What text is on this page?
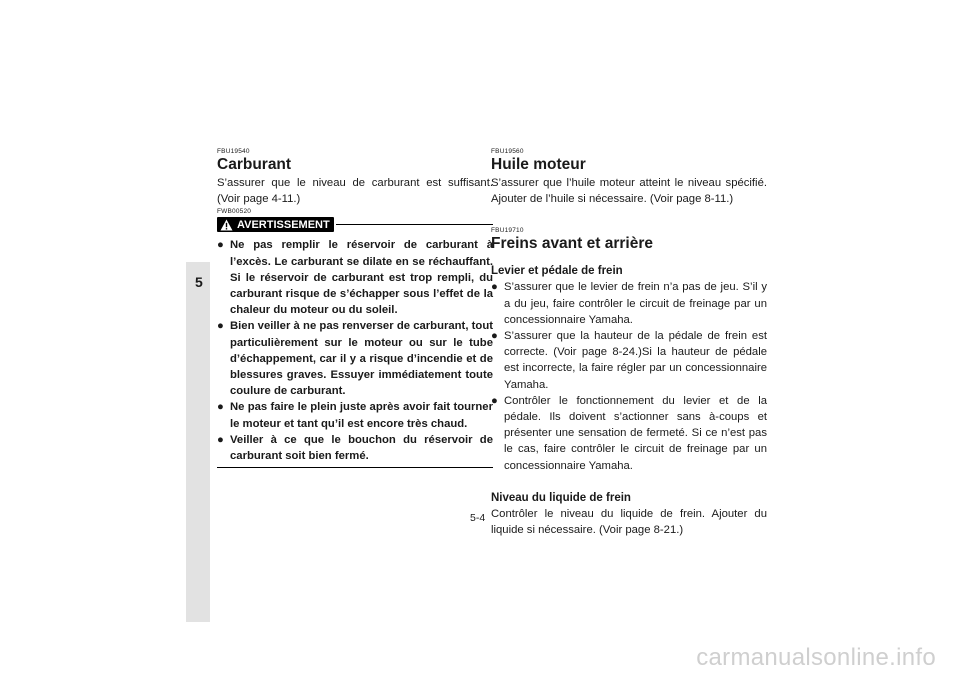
5

FBU19540

Carburant

S’assurer que le niveau de carburant est suffisant. (Voir page 4-11.)

FWB00520

AVERTISSEMENT
● Ne pas remplir le réservoir de carburant à l’excès. Le carburant se dilate en se réchauffant. Si le réservoir de carburant est trop rempli, du carburant risque de s’échapper sous l’effet de la chaleur du moteur ou du soleil.
● Bien veiller à ne pas renverser de carburant, tout particulièrement sur le moteur ou sur le tube d’échappement, car il y a risque d’incendie et de blessures graves. Essuyer immédiatement toute coulure de carburant.
● Ne pas faire le plein juste après avoir fait tourner le moteur et tant qu’il est encore très chaud.
● Veiller à ce que le bouchon du réservoir de carburant soit bien fermé.

FBU19560

Huile moteur

S’assurer que l’huile moteur atteint le niveau spécifié. Ajouter de l’huile si nécessaire. (Voir page 8-11.)

FBU19710

Freins avant et arrière
Levier et pédale de frein
● S’assurer que le levier de frein n’a pas de jeu. S’il y a du jeu, faire contrôler le circuit de freinage par un concessionnaire Yamaha.
● S’assurer que la hauteur de la pédale de frein est correcte. (Voir page 8-24.)Si la hauteur de pédale est incorrecte, la faire régler par un concessionnaire Yamaha.
● Contrôler le fonctionnement du levier et de la pédale. Ils doivent s’actionner sans à-coups et présenter une sensation de fermeté. Si ce n’est pas le cas, faire contrôler le circuit de freinage par un concessionnaire Yamaha.
Niveau du liquide de frein

Contrôler le niveau du liquide de frein. Ajouter du liquide si nécessaire. (Voir page 8-21.)

5-4
carmanualsonline.info
